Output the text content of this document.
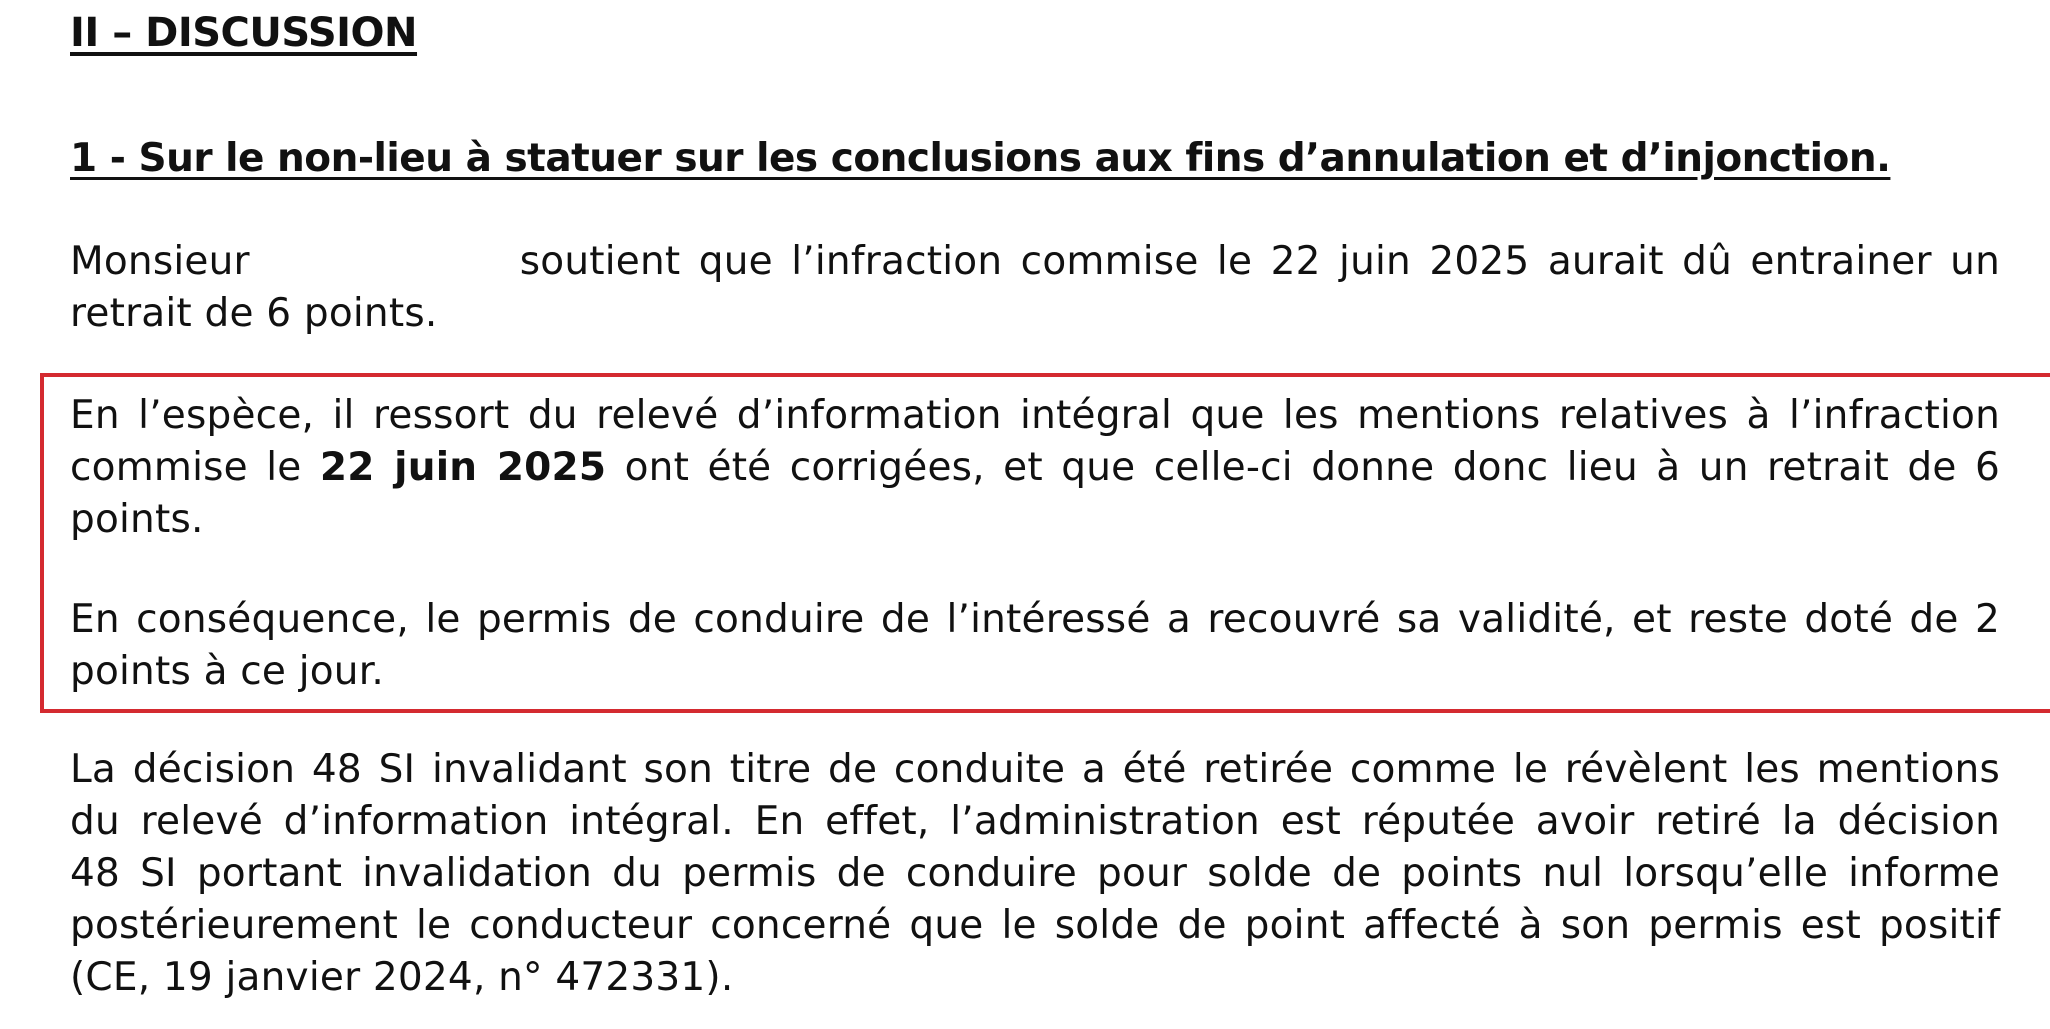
II – DISCUSSION
1 - Sur le non-lieu à statuer sur les conclusions aux fins d’annulation et d’injonction.

Monsieur	soutient que l’infraction commise le 22 juin 2025 aurait dû entrainer un
retrait de 6 points.

En l’espèce, il ressort du relevé d’information intégral que les mentions relatives à l’infraction
commise le 22 juin 2025 ont été corrigées, et que celle-ci donne donc lieu à un retrait de 6
points.

En conséquence, le permis de conduire de l’intéressé a recouvré sa validité, et reste doté de 2
points à ce jour.

La décision 48 SI invalidant son titre de conduite a été retirée comme le révèlent les mentions
du relevé d’information intégral. En effet, l’administration est réputée avoir retiré la décision
48 SI portant invalidation du permis de conduire pour solde de points nul lorsqu’elle informe
postérieurement le conducteur concerné que le solde de point affecté à son permis est positif
(CE, 19 janvier 2024, n° 472331).
